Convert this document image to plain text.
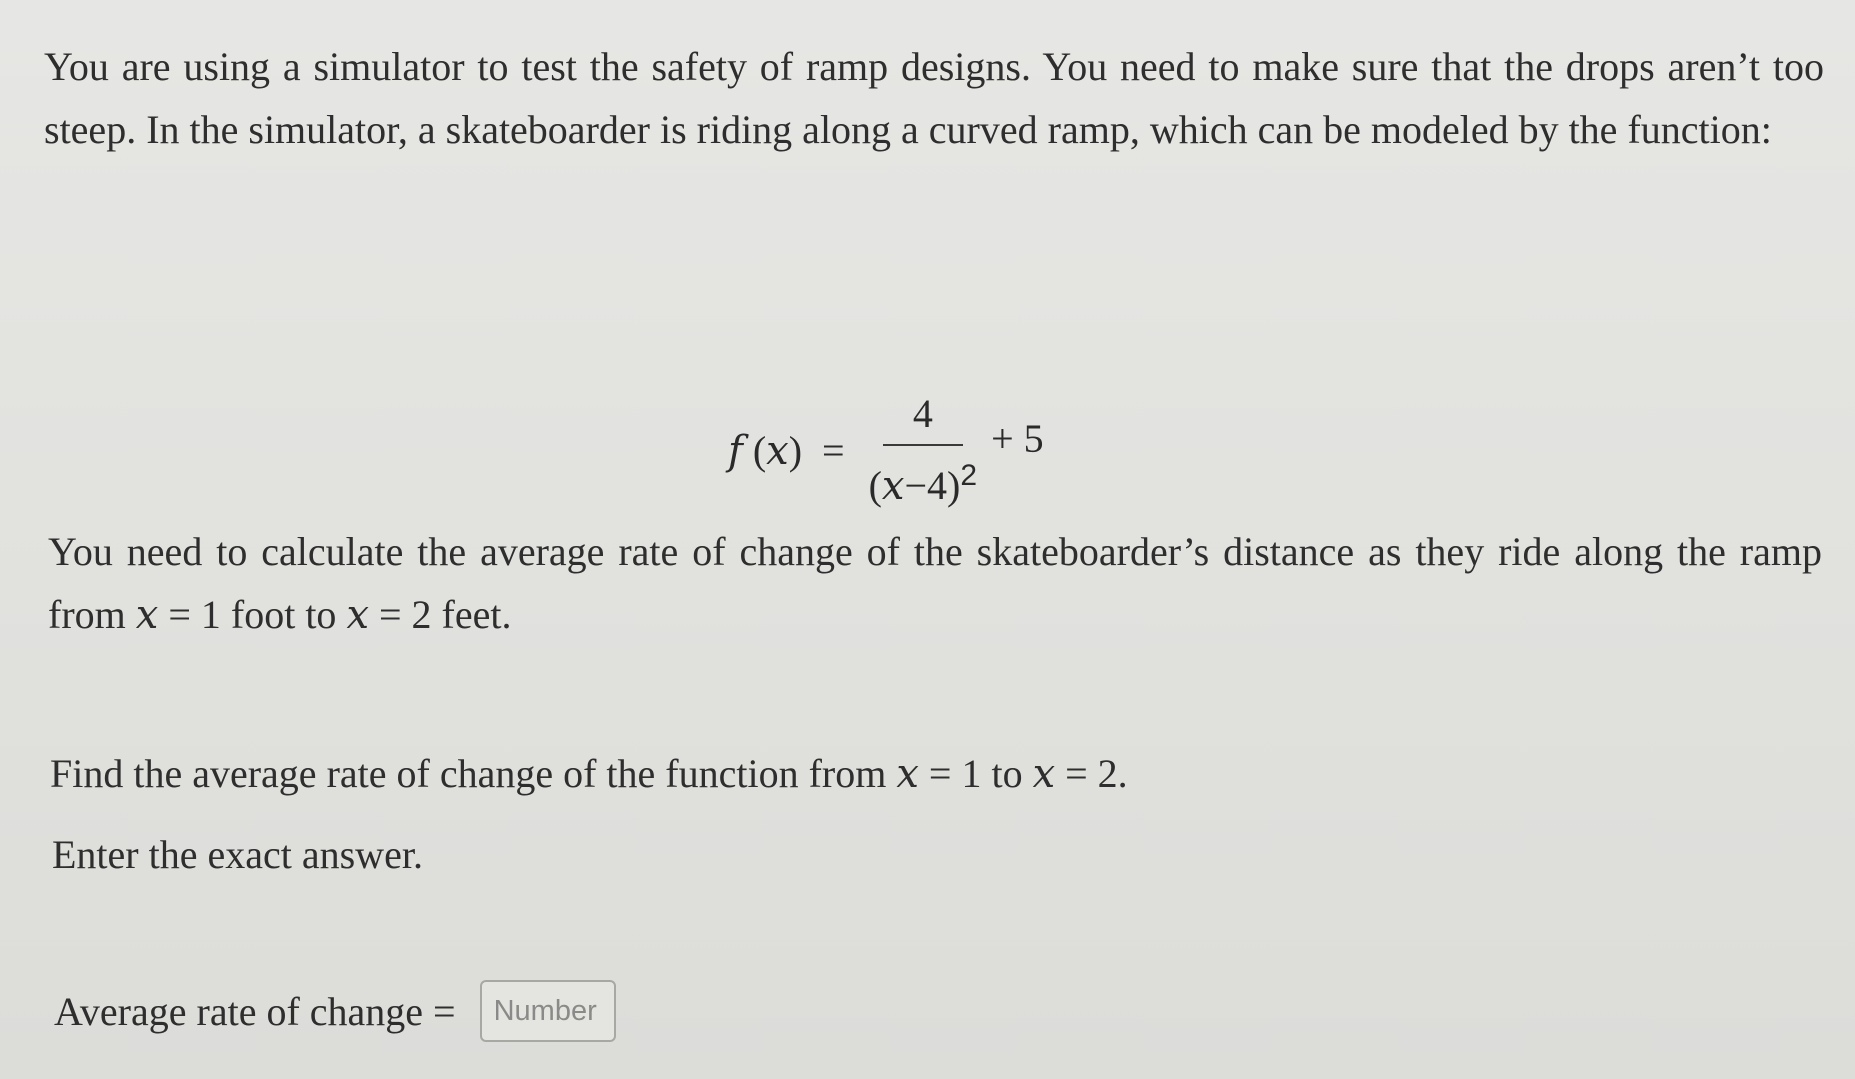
You are using a simulator to test the safety of ramp designs. You need to make sure that the drops aren’t too steep. In the simulator, a skateboarder is riding along a curved ramp, which can be modeled by the function:

f $(x) = \frac{4}{(x-4)^2} + 5$

You need to calculate the average rate of change of the skateboarder’s distance as they ride along the ramp from x = 1 foot to x = 2 feet.

Find the average rate of change of the function from x = 1 to x = 2.

Enter the exact answer.

Average rate of change =
Number
